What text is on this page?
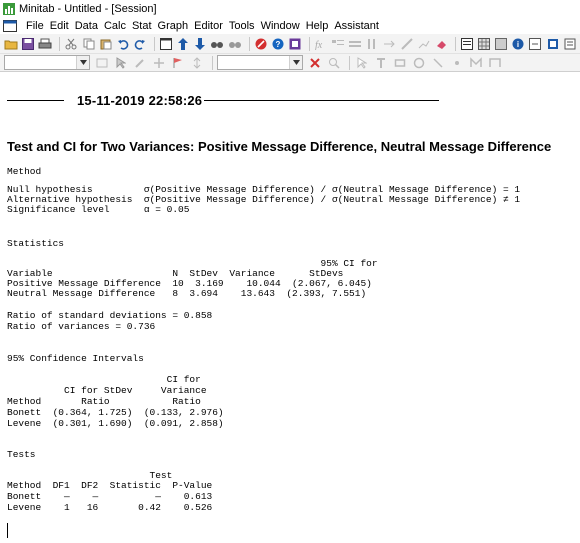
Minitab - Untitled - [Session]
File Edit Data Calc Stat Graph Editor Tools Window Help Assistant
?	fx	i
15-11-2019 22:58:26
Test and CI for Two Variances: Positive Message Difference, Neutral Message Difference
Method
Null hypothesis         σ(Positive Message Difference) / σ(Neutral Message Difference) = 1
Alternative hypothesis  σ(Positive Message Difference) / σ(Neutral Message Difference) ≠ 1
Significance level      α = 0.05
Statistics
95% CI for
Variable                     N  StDev  Variance      StDevs
Positive Message Difference  10  3.169    10.044  (2.067, 6.045)
Neutral Message Difference   8  3.694    13.643  (2.393, 7.551)
Ratio of standard deviations = 0.858
Ratio of variances = 0.736
95% Confidence Intervals
CI for
CI for StDev     Variance
Method       Ratio           Ratio
Bonett  (0.364, 1.725)  (0.133, 2.976)
Levene  (0.301, 1.690)  (0.091, 2.858)
Tests
Test
Method  DF1  DF2  Statistic  P-Value
Bonett    —    —          —    0.613
Levene    1   16       0.42    0.526
